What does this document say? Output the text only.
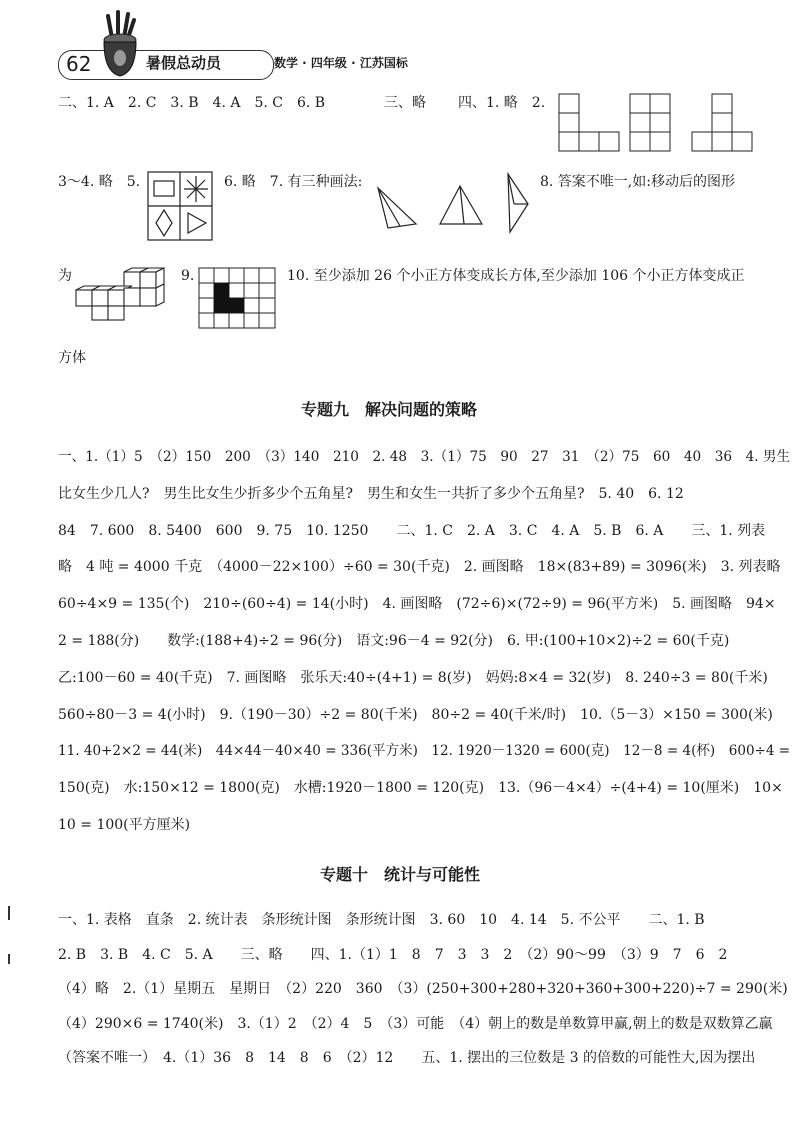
62	暑假总动员	数学 · 四年级 · 江苏国标
二、1. A　2. C　3. B　4. A　5. C　6. B	三、略 四、1. 略　2.
3～4. 略　5.	6. 略　7. 有三种画法:	8. 答案不唯一,如:移动后的图形
为	9.	10. 至少添加 26 个小正方体变成长方体,至少添加 106 个小正方体变成正
方体
专题九　解决问题的策略
一、1.（1）5　（2）150　200　（3）140　210　2. 48　3.（1）75　90　27　31　（2）75　60　40　36　4. 男生
比女生少几人?　男生比女生少折多少个五角星?　男生和女生一共折了多少个五角星?　5. 40　6. 12
84　7. 600　8. 5400　600　9. 75　10. 1250　　二、1. C　2. A　3. C　4. A　5. B　6. A　　三、1. 列表
略　4 吨 = 4000 千克　（4000－22×100）÷60 = 30(千克)　2. 画图略　18×(83+89) = 3096(米)　3. 列表略
60÷4×9 = 135(个)　210÷(60÷4) = 14(小时)　4. 画图略　(72÷6)×(72÷9) = 96(平方米)　5. 画图略　94×
2 = 188(分)　　数学:(188+4)÷2 = 96(分)　语文:96－4 = 92(分)　6. 甲:(100+10×2)÷2 = 60(千克)
乙:100－60 = 40(千克)　7. 画图略　张乐天:40÷(4+1) = 8(岁)　妈妈:8×4 = 32(岁)　8. 240÷3 = 80(千米)
560÷80－3 = 4(小时)　9.（190－30）÷2 = 80(千米)　80÷2 = 40(千米/时)　10.（5－3）×150 = 300(米)
11. 40+2×2 = 44(米)　44×44－40×40 = 336(平方米)　12. 1920－1320 = 600(克)　12－8 = 4(杯)　600÷4 =
150(克)　水:150×12 = 1800(克)　水槽:1920－1800 = 120(克)　13.（96－4×4）÷(4+4) = 10(厘米)　10×
10 = 100(平方厘米)
专题十　统计与可能性
一、1. 表格　直条　2. 统计表　条形统计图　条形统计图　3. 60　10　4. 14　5. 不公平　　二、1. B
2. B　3. B　4. C　5. A　　三、略　　四、1.（1）1　8　7　3　3　2　（2）90～99　（3）9　7　6　2
（4）略　2.（1）星期五　星期日　（2）220　360　（3）(250+300+280+320+360+300+220)÷7 = 290(米)
（4）290×6 = 1740(米)　3.（1）2　（2）4　5　（3）可能　（4）朝上的数是单数算甲赢,朝上的数是双数算乙赢
（答案不唯一）　4.（1）36　8　14　8　6　（2）12　　五、1. 摆出的三位数是 3 的倍数的可能性大,因为摆出
